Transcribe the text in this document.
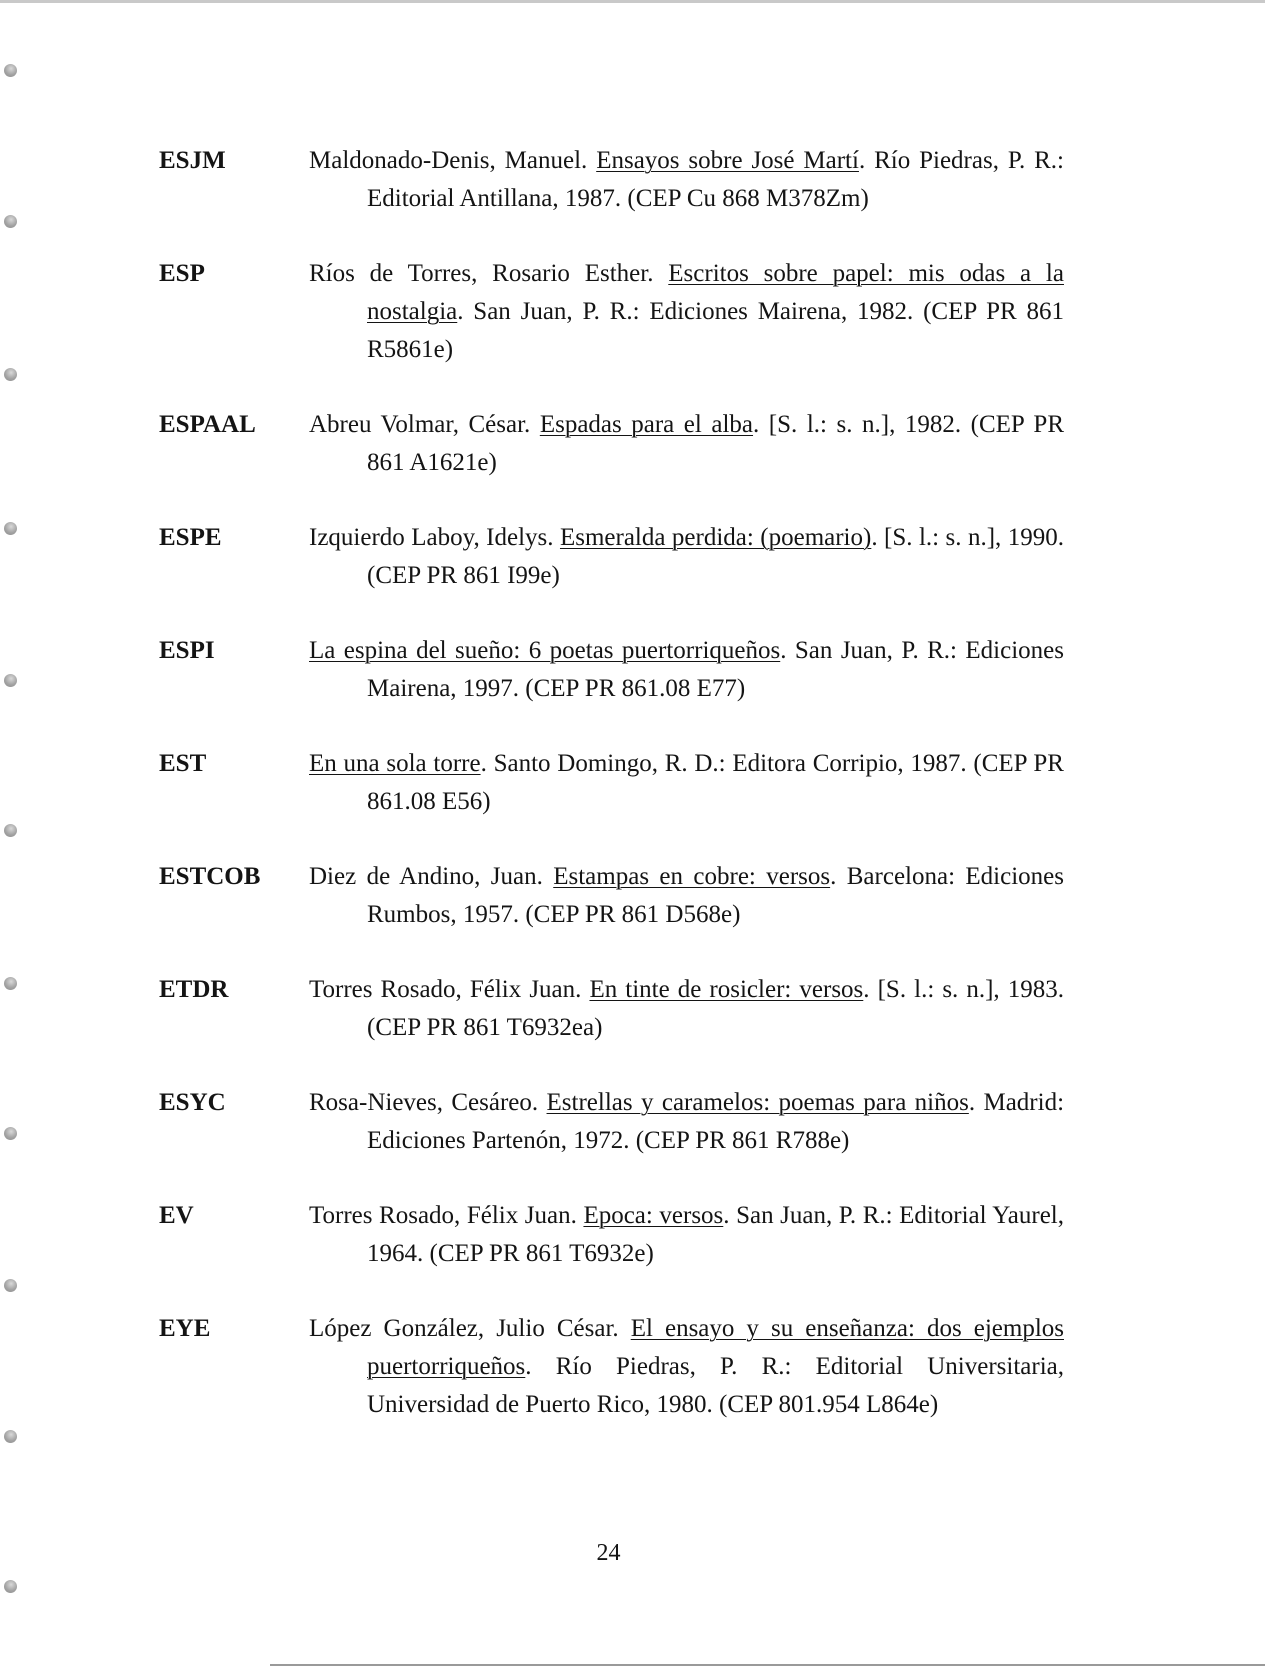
ESJM	Maldonado-Denis, Manuel. Ensayos sobre José Martí. Río Piedras, P. R.: Editorial Antillana, 1987. (CEP Cu 868 M378Zm)
ESP	Ríos de Torres, Rosario Esther. Escritos sobre papel: mis odas a la nostalgia. San Juan, P. R.: Ediciones Mairena, 1982. (CEP PR 861 R5861e)
ESPAAL Abreu Volmar, César. Espadas para el alba. [S. l.: s. n.], 1982. (CEP PR 861 A1621e)
ESPE	Izquierdo Laboy, Idelys. Esmeralda perdida: (poemario). [S. l.: s. n.], 1990. (CEP PR 861 I99e)
ESPI	La espina del sueño: 6 poetas puertorriqueños. San Juan, P. R.: Ediciones Mairena, 1997. (CEP PR 861.08 E77)
EST	En una sola torre. Santo Domingo, R. D.: Editora Corripio, 1987. (CEP PR 861.08 E56)
ESTCOB Diez de Andino, Juan. Estampas en cobre: versos. Barcelona: Ediciones Rumbos, 1957. (CEP PR 861 D568e)
ETDR	Torres Rosado, Félix Juan. En tinte de rosicler: versos. [S. l.: s. n.], 1983. (CEP PR 861 T6932ea)
ESYC	Rosa-Nieves, Cesáreo. Estrellas y caramelos: poemas para niños. Madrid: Ediciones Partenón, 1972. (CEP PR 861 R788e)
EV	Torres Rosado, Félix Juan. Epoca: versos. San Juan, P. R.: Editorial Yaurel, 1964. (CEP PR 861 T6932e)
EYE	López González, Julio César. El ensayo y su enseñanza: dos ejemplos puertorriqueños. Río Piedras, P. R.: Editorial Universitaria, Universidad de Puerto Rico, 1980. (CEP 801.954 L864e)
24
